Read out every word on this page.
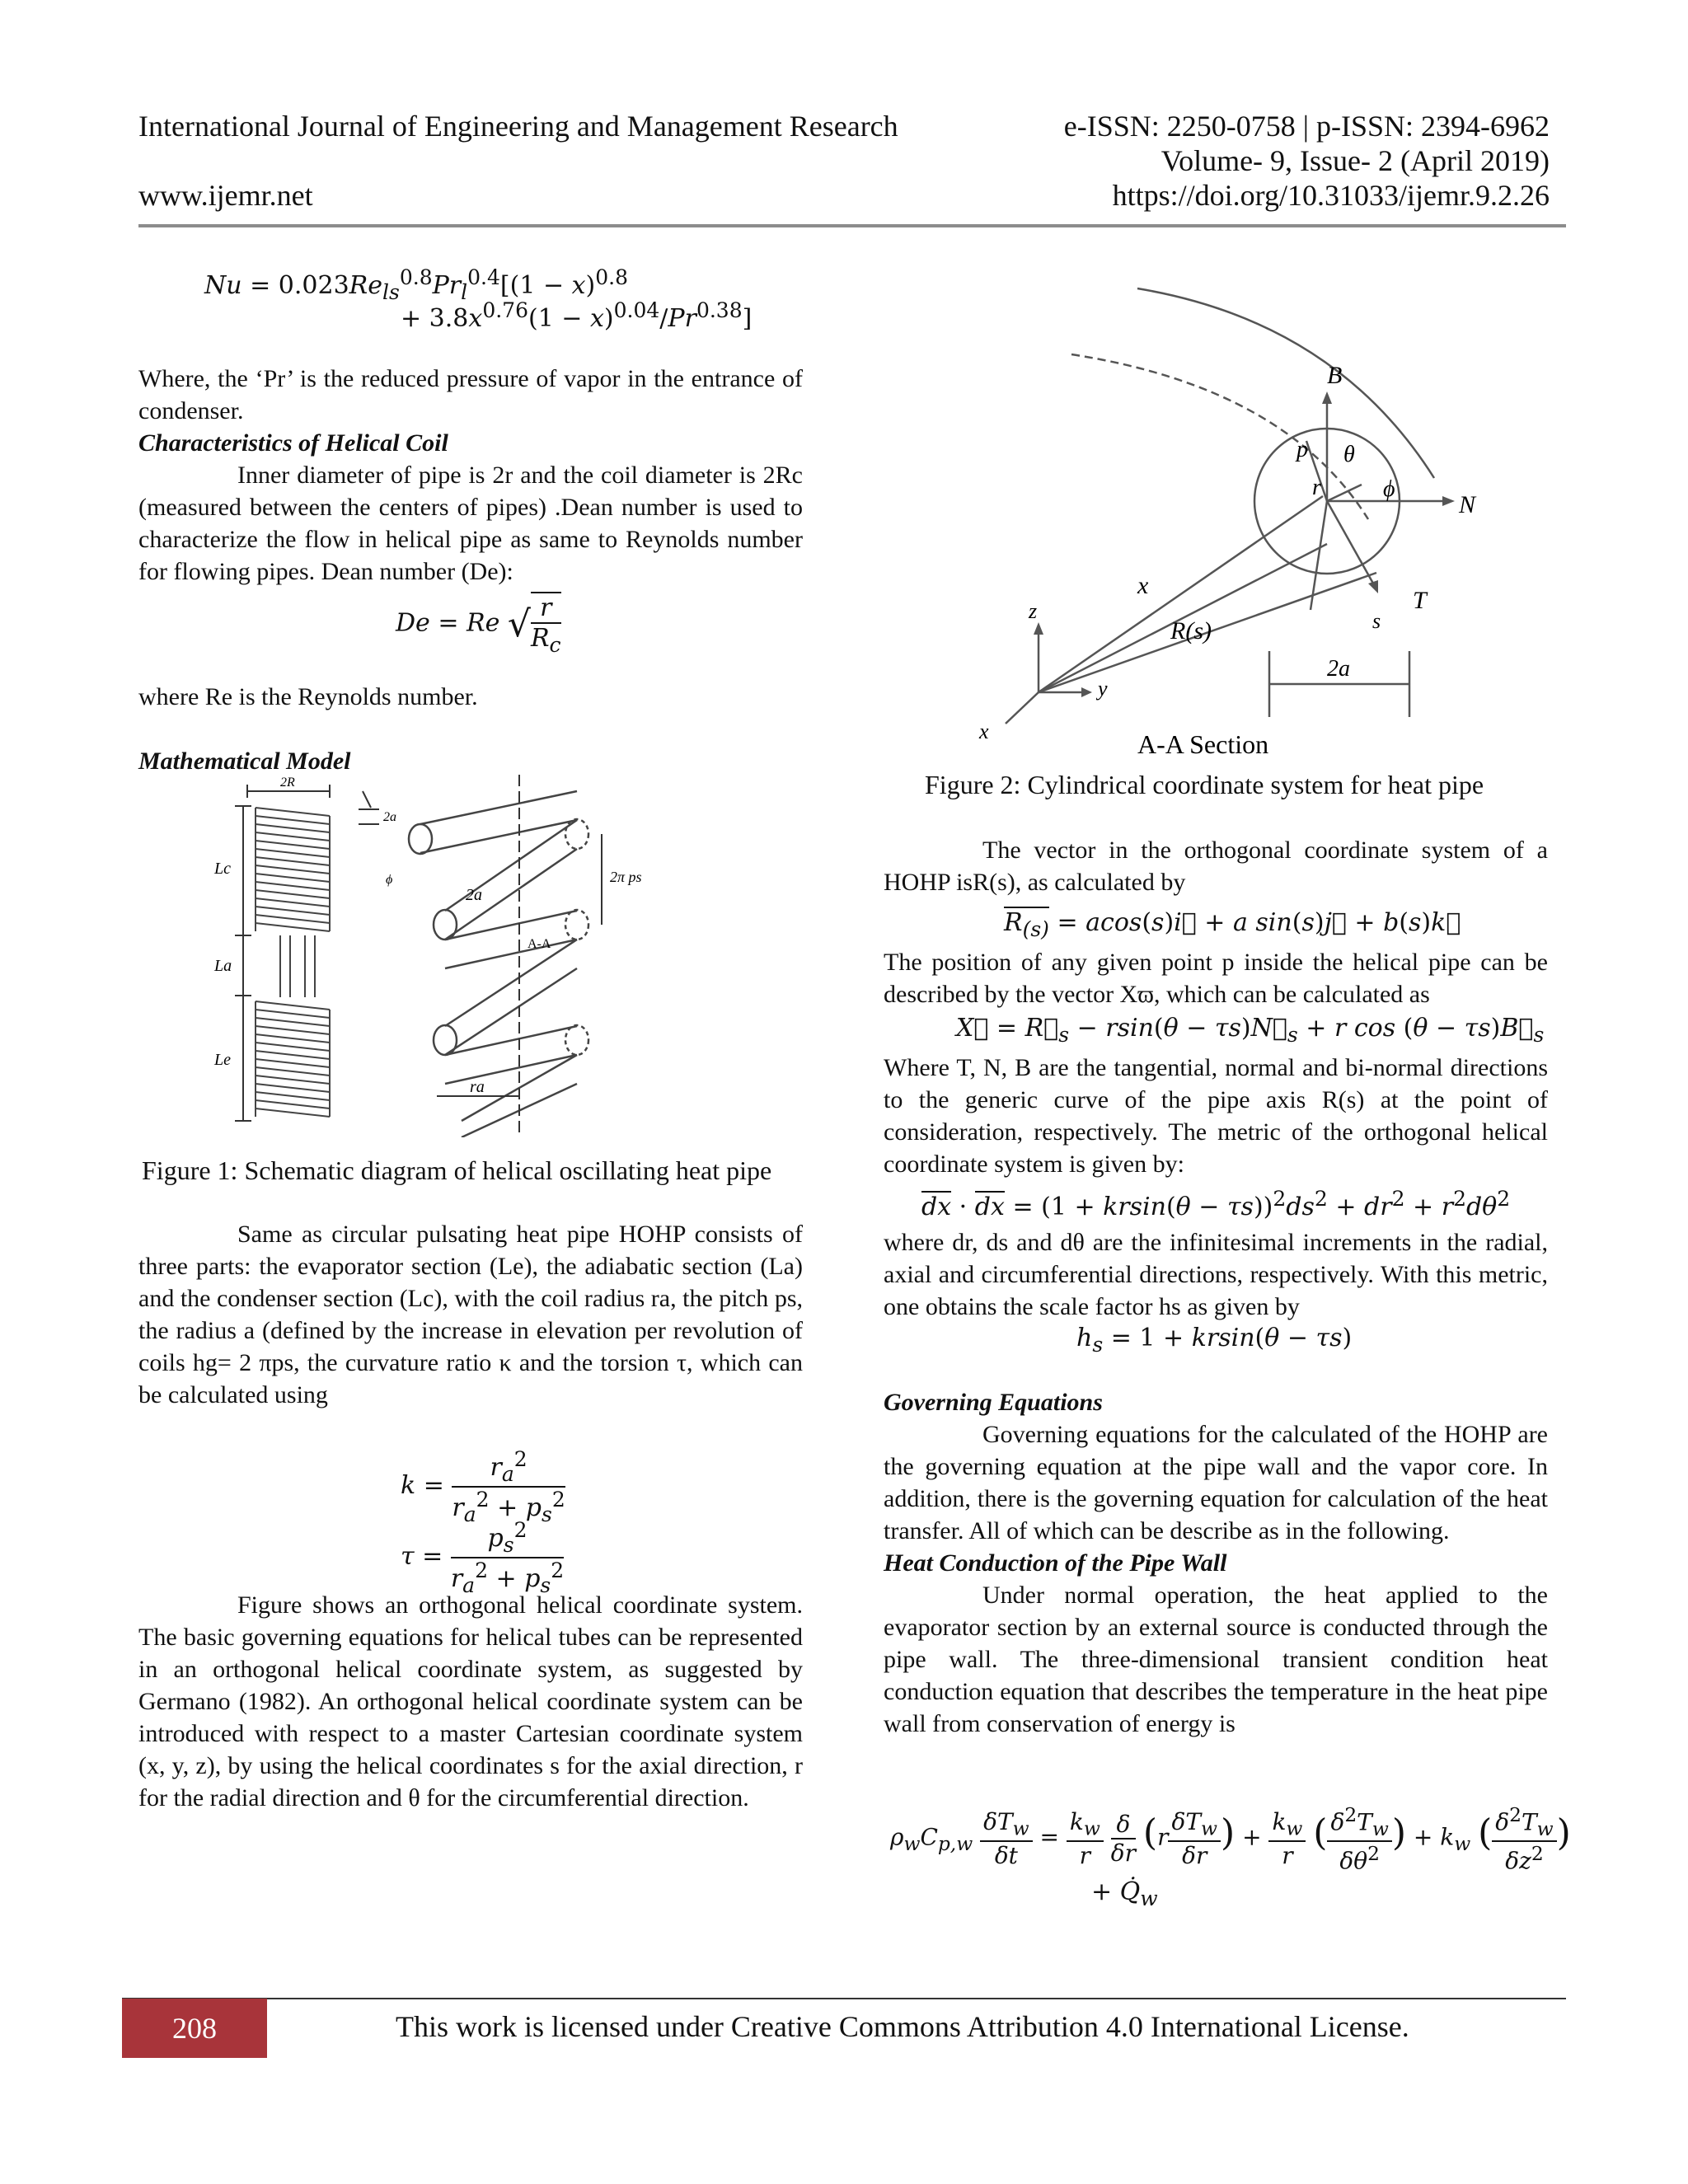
International Journal of Engineering and Management Research	e-ISSN: 2250-0758 | p-ISSN: 2394-6962
Volume- 9, Issue- 2 (April 2019)
www.ijemr.net	https://doi.org/10.31033/ijemr.9.2.26
$Nu = 0.023Re_{ls}^{0.8}Pr_l^{0.4}[(1 - x)^{0.8}$
+ $3.8x^{0.76}(1 - x)^{0.04}/Pr^{0.38}$]

Where, the ‘Pr’ is the reduced pressure of vapor in the entrance of condenser.

Characteristics of Helical Coil

Inner diameter of pipe is 2r and the coil diameter is 2Rc (measured between the centers of pipes) .Dean number is used to characterize the flow in helical pipe as same to Reynolds number for flowing pipes. Dean number (De):

De = Re √ $\frac{r}{R_c}$
where Re is the Reynolds number.
Mathematical Model
2R
Lc
La
Le
2a
ϕ
2a
2π ps
A-A
ra
Figure 1: Schematic diagram of helical oscillating heat pipe
Same as circular pulsating heat pipe HOHP consists of three parts: the evaporator section (Le), the adiabatic section (La) and the condenser section (Lc), with the coil radius ra, the pitch ps, the radius a (defined by the increase in elevation per revolution of coils hg= 2 πps, the curvature ratio κ and the torsion τ, which can be calculated using
$k = \frac{r_a^2}{r_a^2 + p_s^2}$
$\tau = \frac{p_s^2}{r_a^2 + p_s^2}$
Figure shows an orthogonal helical coordinate system. The basic governing equations for helical tubes can be represented in an orthogonal helical coordinate system, as suggested by Germano (1982). An orthogonal helical coordinate system can be introduced with respect to a master Cartesian coordinate system (x, y, z), by using the helical coordinates s for the axial direction, r for the radial direction and θ for the circumferential direction.
B
p θ
r	ϕ
N
x
R(s)
T
s
z
y
x
2a
A-A Section
Figure 2: Cylindrical coordinate system for heat pipe
The vector in the orthogonal coordinate system of a HOHP isR(s), as calculated by
$R_{(s)}$ = acos(s)i⃗ + a sin(s)j⃗ + b(s)k⃗
The position of any given point p inside the helical pipe can be described by the vector Xϖ, which can be calculated as
X⃗ = $R⃗_s - rsin(\theta$ − $\tau s)N⃗_s + r$ $\cos (\theta - \tau s)B⃗_s$
Where T, N, B are the tangential, normal and bi-normal directions to the generic curve of the pipe axis R(s) at the point of consideration, respectively. The metric of the orthogonal helical coordinate system is given by:
dx · dx = $(1 + krsin(\theta - \tau s))^2ds^2 + dr^2 + r^2d\theta^2$
where dr, ds and dθ are the infinitesimal increments in the radial, axial and circumferential directions, respectively. With this metric, one obtains the scale factor hs as given by
$h_s = 1 + krsin(\theta - \tau s)$

Governing Equations

Governing equations for the calculated of the HOHP are the governing equation at the pipe wall and the vapor core. In addition, there is the governing equation for calculation of the heat transfer. All of which can be describe as in the following.

Heat Conduction of the Pipe Wall

Under normal operation, the heat applied to the evaporator section by an external source is conducted through the pipe wall. The three-dimensional transient condition heat conduction equation that describes the temperature in the heat pipe wall from conservation of energy is

$\rho_wC_{p,w} \frac{\delta T_w}{\delta t} = \frac{k_w}{r}$
$\frac{\delta}{\delta r} (r \frac{\delta T_w}{\delta r}$ ) + $\frac{k_w}{r}$ ( $\frac{\delta^2T_w}{\delta\theta^2}$ ) + $k_w$ ( $\frac{\delta^2T_w}{\delta z^2}$ )
+ $Q̇_w$
208	This work is licensed under Creative Commons Attribution 4.0 International License.
